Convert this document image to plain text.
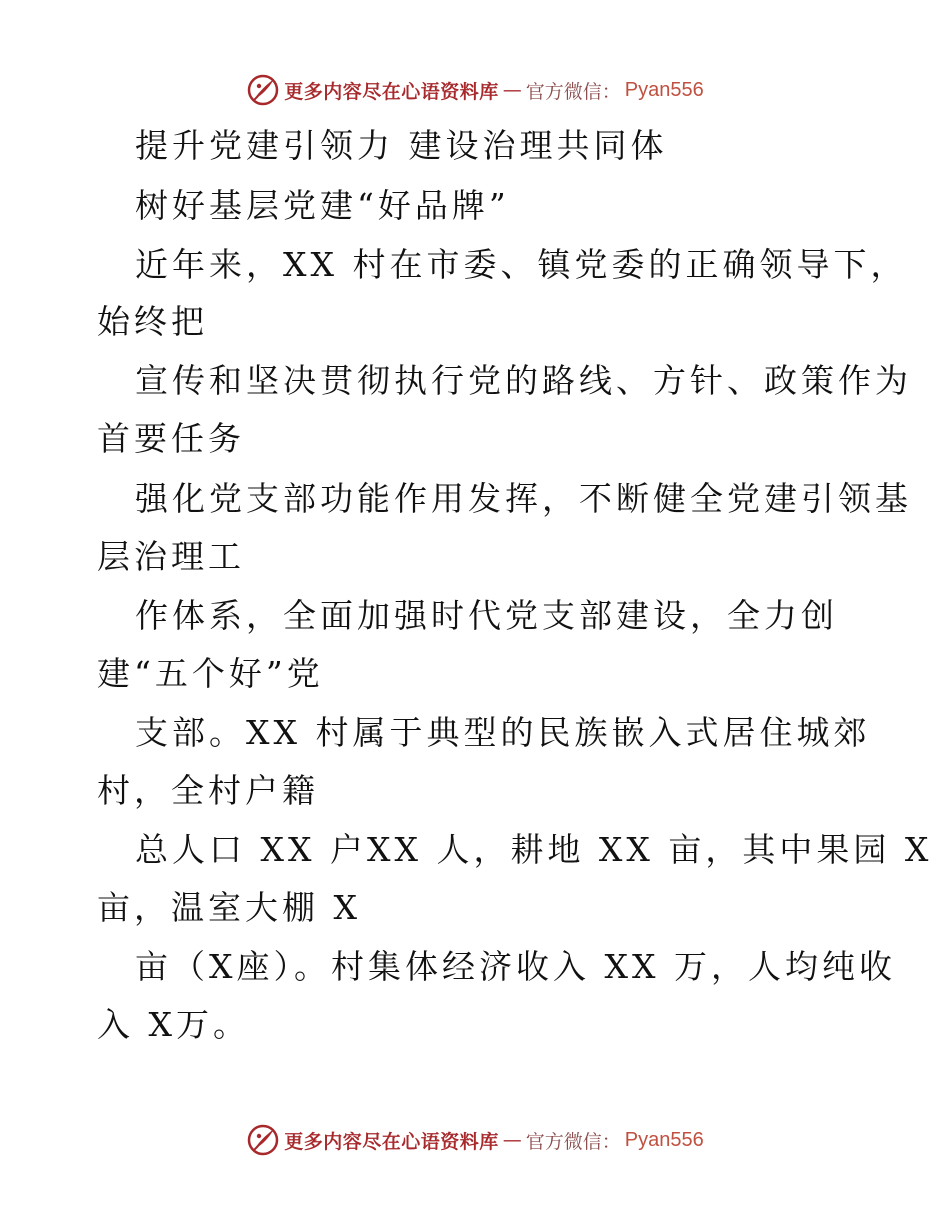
更多内容尽在心语资料库 — 官方微信： Pyan556
提升党建引领力 建设治理共同体
树好基层党建“好品牌”
近年来，XX 村在市委、镇党委的正确领导下，
始终把
宣传和坚决贯彻执行党的路线、方针、政策作为
首要任务
强化党支部功能作用发挥，不断健全党建引领基
层治理工
作体系，全面加强时代党支部建设，全力创
建“五个好”党
支部。XX 村属于典型的民族嵌入式居住城郊
村，全村户籍
总人口 XX 户XX 人，耕地 XX 亩，其中果园 X
亩，温室大棚 X
亩（X座）。村集体经济收入 XX 万，人均纯收
入 X万。
更多内容尽在心语资料库 — 官方微信： Pyan556
